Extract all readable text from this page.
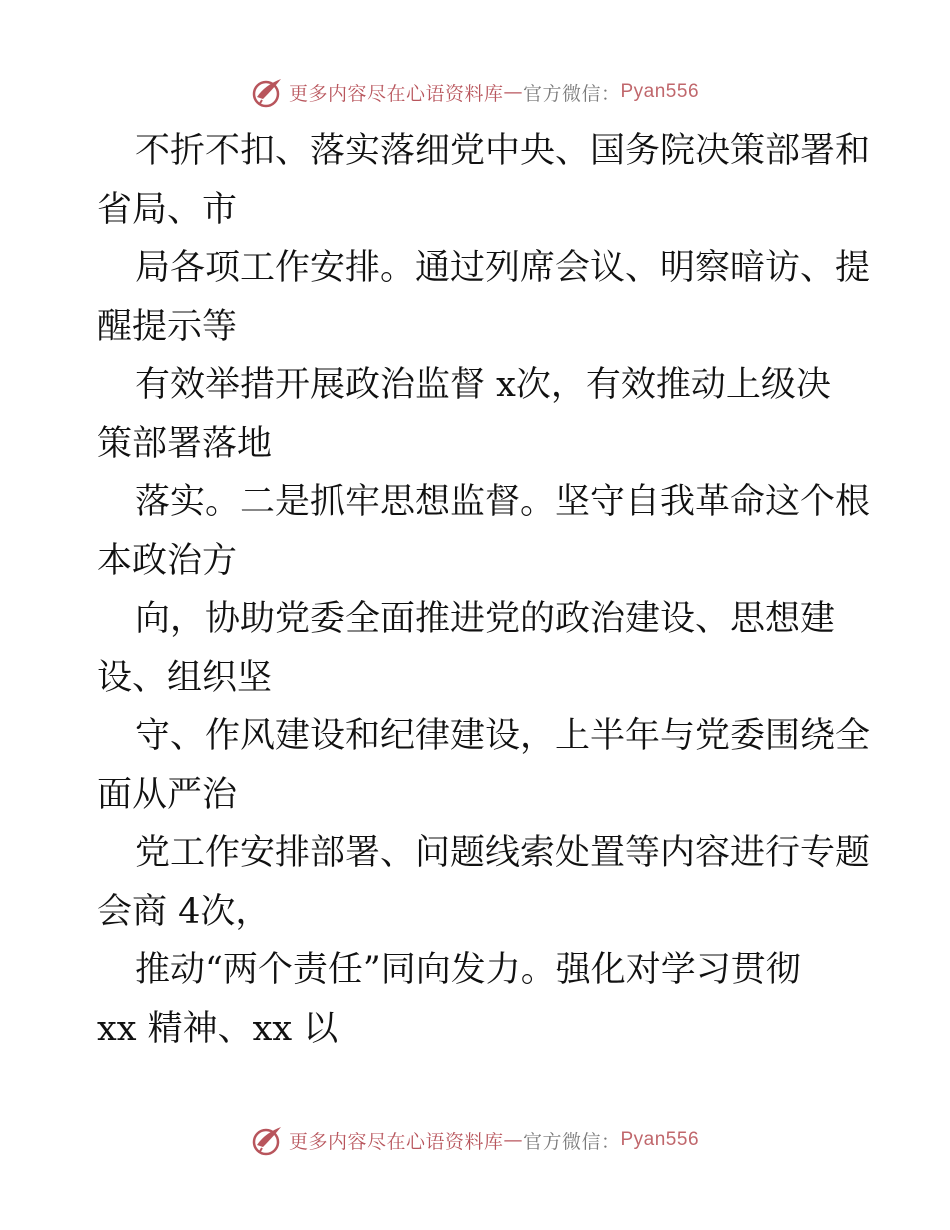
更多内容尽在心语资料库 — 官方微信： Pyan556
不折不扣、落实落细党中央、国务院决策部署和
省局、市
局各项工作安排。通过列席会议、明察暗访、提
醒提示等
有效举措开展政治监督 x次，有效推动上级决
策部署落地
落实。二是抓牢思想监督。坚守自我革命这个根
本政治方
向，协助党委全面推进党的政治建设、思想建
设、组织坚
守、作风建设和纪律建设，上半年与党委围绕全
面从严治
党工作安排部署、问题线索处置等内容进行专题
会商 4次，
推动“两个责任”同向发力。强化对学习贯彻
xx 精神、xx 以
更多内容尽在心语资料库 — 官方微信： Pyan556
